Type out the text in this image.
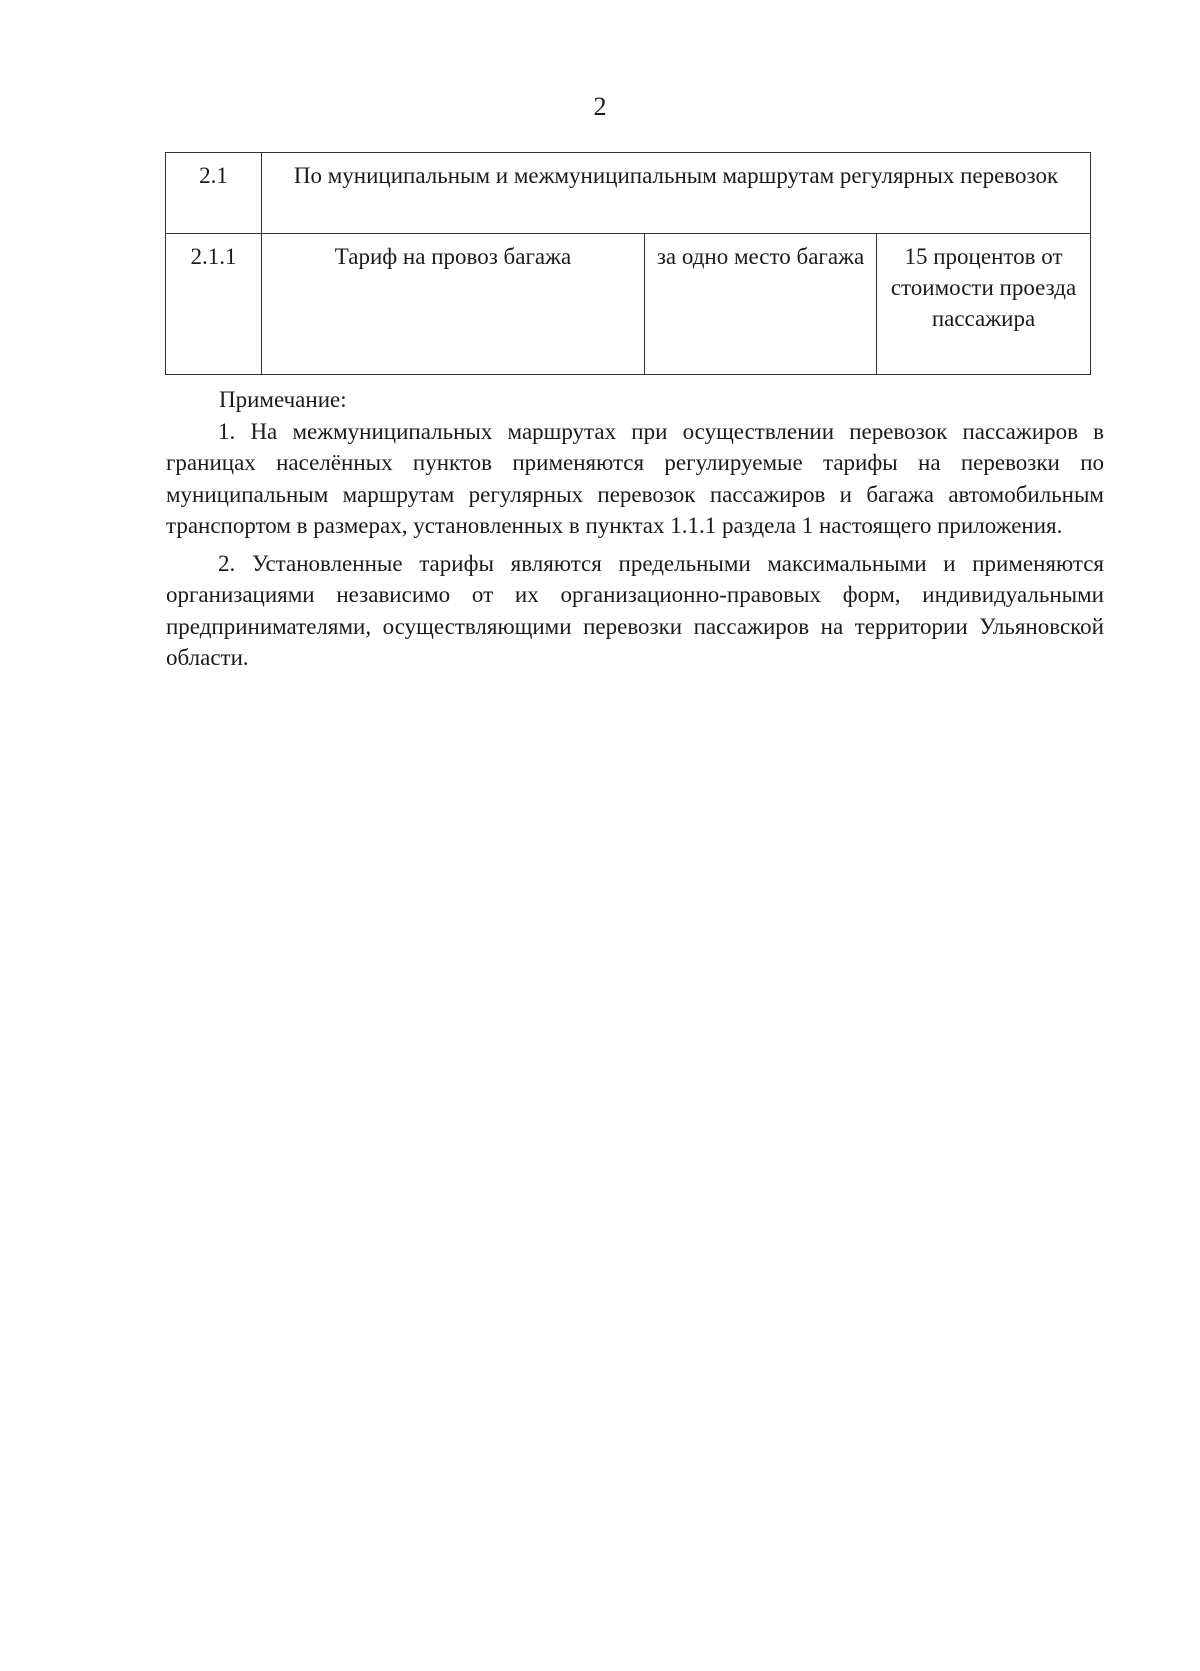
2
2.1	По муниципальным и межмуниципальным маршрутам регулярных перевозок		
2.1.1	Тариф на провоз багажа	за одно место багажа	15 процентов от стоимости проезда пассажира

Примечание:

1. На межмуниципальных маршрутах при осуществлении перевозок пассажиров в границах населённых пунктов применяются регулируемые тарифы на перевозки по муниципальным маршрутам регулярных перевозок пассажиров и багажа автомобильным транспортом в размерах, установленных в пунктах 1.1.1 раздела 1 настоящего приложения.

2. Установленные тарифы являются предельными максимальными и применяются организациями независимо от их организационно-правовых форм, индивидуальными предпринимателями, осуществляющими перевозки пассажиров на территории Ульяновской области.
